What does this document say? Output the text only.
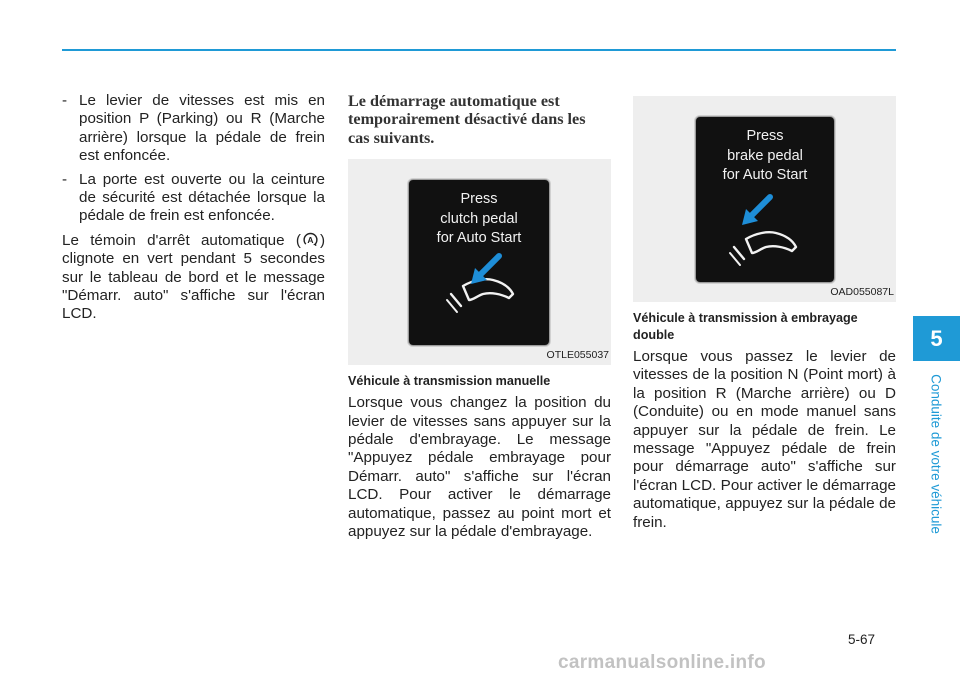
- Le levier de vitesses est mis en position P (Parking) ou R (Marche arrière) lorsque la pédale de frein est enfoncée.
- La porte est ouverte ou la ceinture de sécurité est détachée lorsque la pédale de frein est enfoncée.

Le témoin d'arrêt automatique ( A ) clignote en vert pendant 5 secondes sur le tableau de bord et le message "Démarr. auto" s'affiche sur l'écran LCD.

Le démarrage automatique est temporairement désactivé dans les cas suivants.
Press
clutch pedal
for Auto Start
OTLE055037
Véhicule à transmission manuelle

Lorsque vous changez la position du levier de vitesses sans appuyer sur la pédale d'embrayage. Le message "Appuyez pédale embrayage pour Démarr. auto" s'affiche sur l'écran LCD. Pour activer le démarrage automatique, passez au point mort et appuyez sur la pédale d'embrayage.

Press
brake pedal
for Auto Start
OAD055087L
Véhicule à transmission à embrayage double

Lorsque vous passez le levier de vitesses de la position N (Point mort) à la position R (Marche arrière) ou D (Conduite) ou en mode manuel sans appuyer sur la pédale de frein. Le message "Appuyez pédale de frein pour démarrage auto" s'affiche sur l'écran LCD. Pour activer le démarrage automatique, appuyez sur la pédale de frein.

5
Conduite de votre véhicule
5-67
carmanualsonline.info
